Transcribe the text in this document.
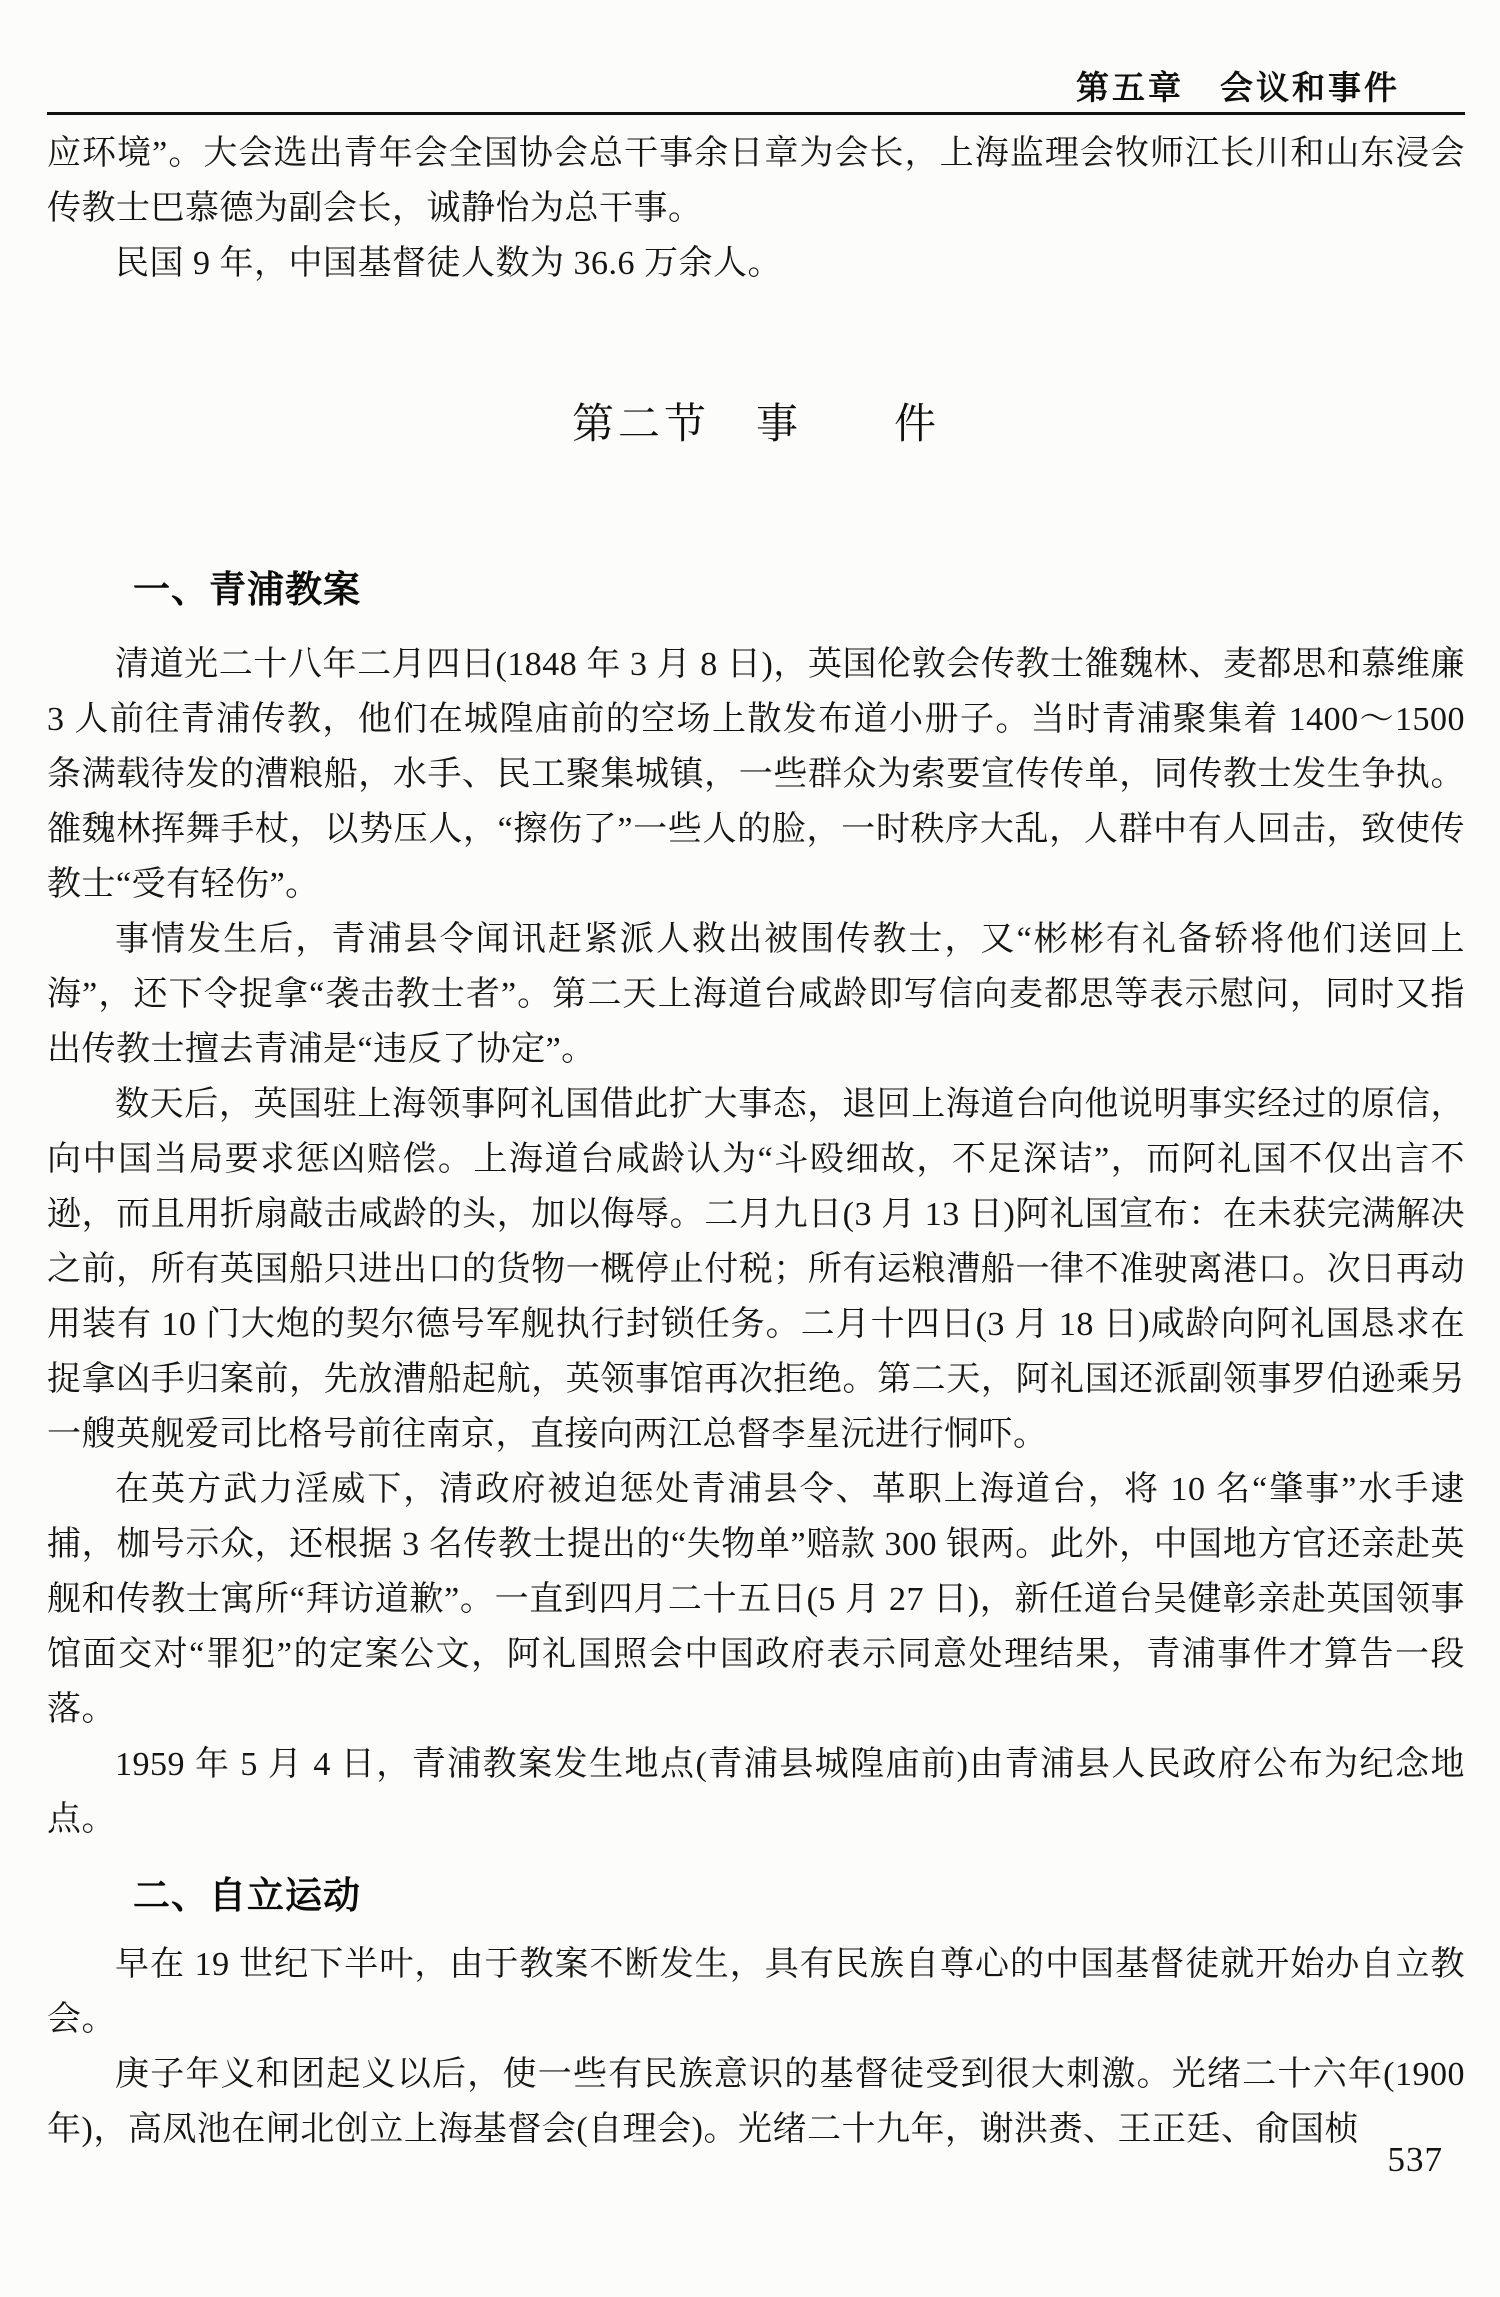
第五章　会议和事件

应环境”。大会选出青年会全国协会总干事余日章为会长，上海监理会牧师江长川和山东浸会传教士巴慕德为副会长，诚静怡为总干事。

民国 9 年，中国基督徒人数为 36.6 万余人。

第二节　事　　件
一、青浦教案

清道光二十八年二月四日(1848 年 3 月 8 日)，英国伦敦会传教士雒魏林、麦都思和慕维廉 3 人前往青浦传教，他们在城隍庙前的空场上散发布道小册子。当时青浦聚集着 1400～1500 条满载待发的漕粮船，水手、民工聚集城镇，一些群众为索要宣传传单，同传教士发生争执。雒魏林挥舞手杖，以势压人，“擦伤了”一些人的脸，一时秩序大乱，人群中有人回击，致使传教士“受有轻伤”。

事情发生后，青浦县令闻讯赶紧派人救出被围传教士，又“彬彬有礼备轿将他们送回上海”，还下令捉拿“袭击教士者”。第二天上海道台咸龄即写信向麦都思等表示慰问，同时又指出传教士擅去青浦是“违反了协定”。

数天后，英国驻上海领事阿礼国借此扩大事态，退回上海道台向他说明事实经过的原信，向中国当局要求惩凶赔偿。上海道台咸龄认为“斗殴细故，不足深诘”，而阿礼国不仅出言不逊，而且用折扇敲击咸龄的头，加以侮辱。二月九日(3 月 13 日)阿礼国宣布：在未获完满解决之前，所有英国船只进出口的货物一概停止付税；所有运粮漕船一律不准驶离港口。次日再动用装有 10 门大炮的契尔德号军舰执行封锁任务。二月十四日(3 月 18 日)咸龄向阿礼国恳求在捉拿凶手归案前，先放漕船起航，英领事馆再次拒绝。第二天，阿礼国还派副领事罗伯逊乘另一艘英舰爱司比格号前往南京，直接向两江总督李星沅进行恫吓。

在英方武力淫威下，清政府被迫惩处青浦县令、革职上海道台，将 10 名“肇事”水手逮捕，枷号示众，还根据 3 名传教士提出的“失物单”赔款 300 银两。此外，中国地方官还亲赴英舰和传教士寓所“拜访道歉”。一直到四月二十五日(5 月 27 日)，新任道台吴健彰亲赴英国领事馆面交对“罪犯”的定案公文，阿礼国照会中国政府表示同意处理结果，青浦事件才算告一段落。

1959 年 5 月 4 日，青浦教案发生地点(青浦县城隍庙前)由青浦县人民政府公布为纪念地点。

二、自立运动

早在 19 世纪下半叶，由于教案不断发生，具有民族自尊心的中国基督徒就开始办自立教会。

庚子年义和团起义以后，使一些有民族意识的基督徒受到很大刺激。光绪二十六年(1900 年)，高凤池在闸北创立上海基督会(自理会)。光绪二十九年，谢洪赉、王正廷、俞国桢

537
